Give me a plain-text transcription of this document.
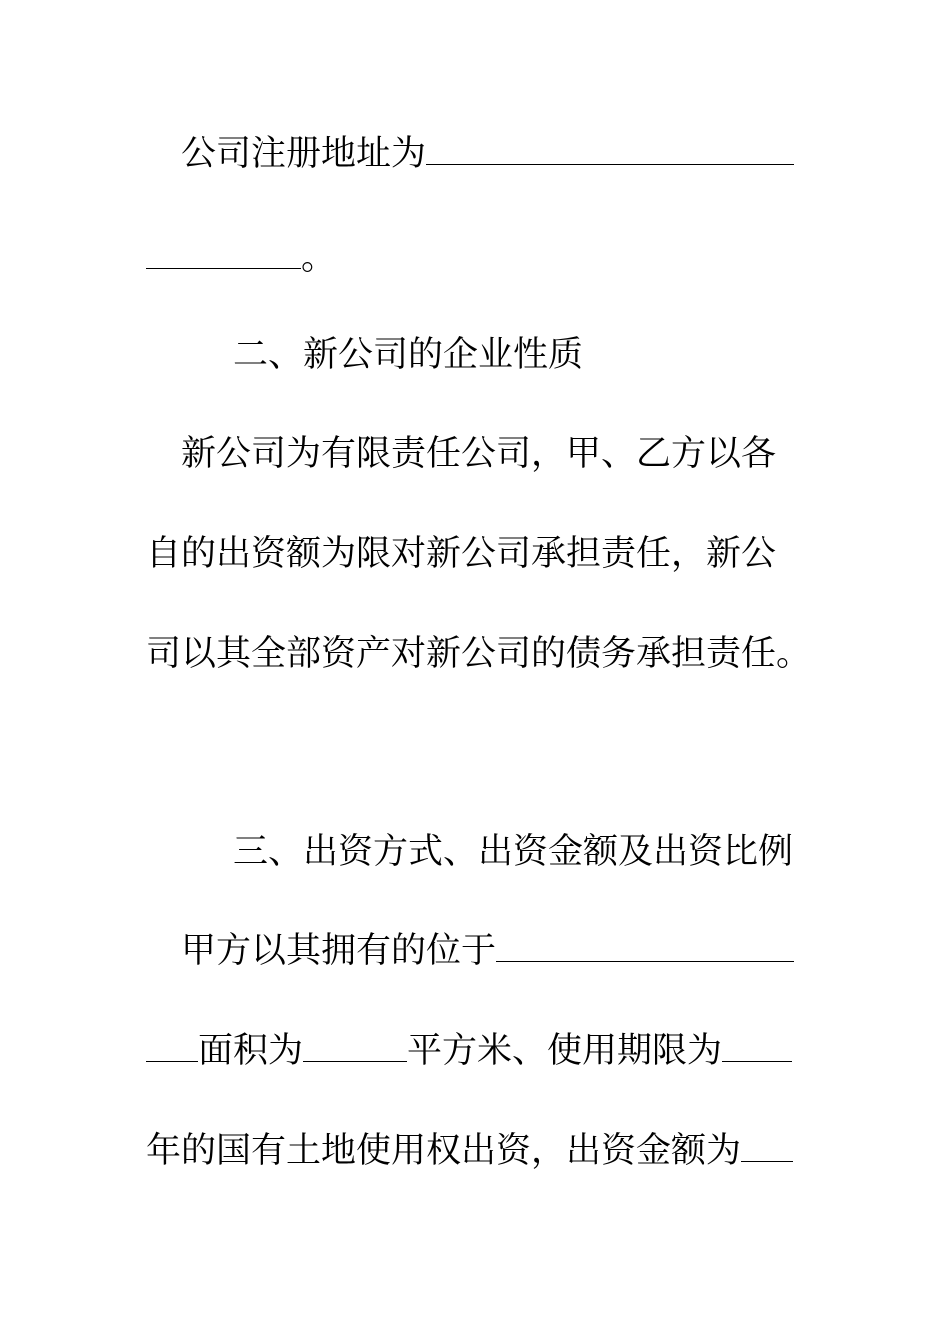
公司注册地址为
。
二、新公司的企业性质
新公司为有限责任公司，甲、乙方以各
自的出资额为限对新公司承担责任，新公
司以其全部资产对新公司的债务承担责任。
三、出资方式、出资金额及出资比例
甲方以其拥有的位于
面积为	平方米、使用期限为
年的国有土地使用权出资，出资金额为
